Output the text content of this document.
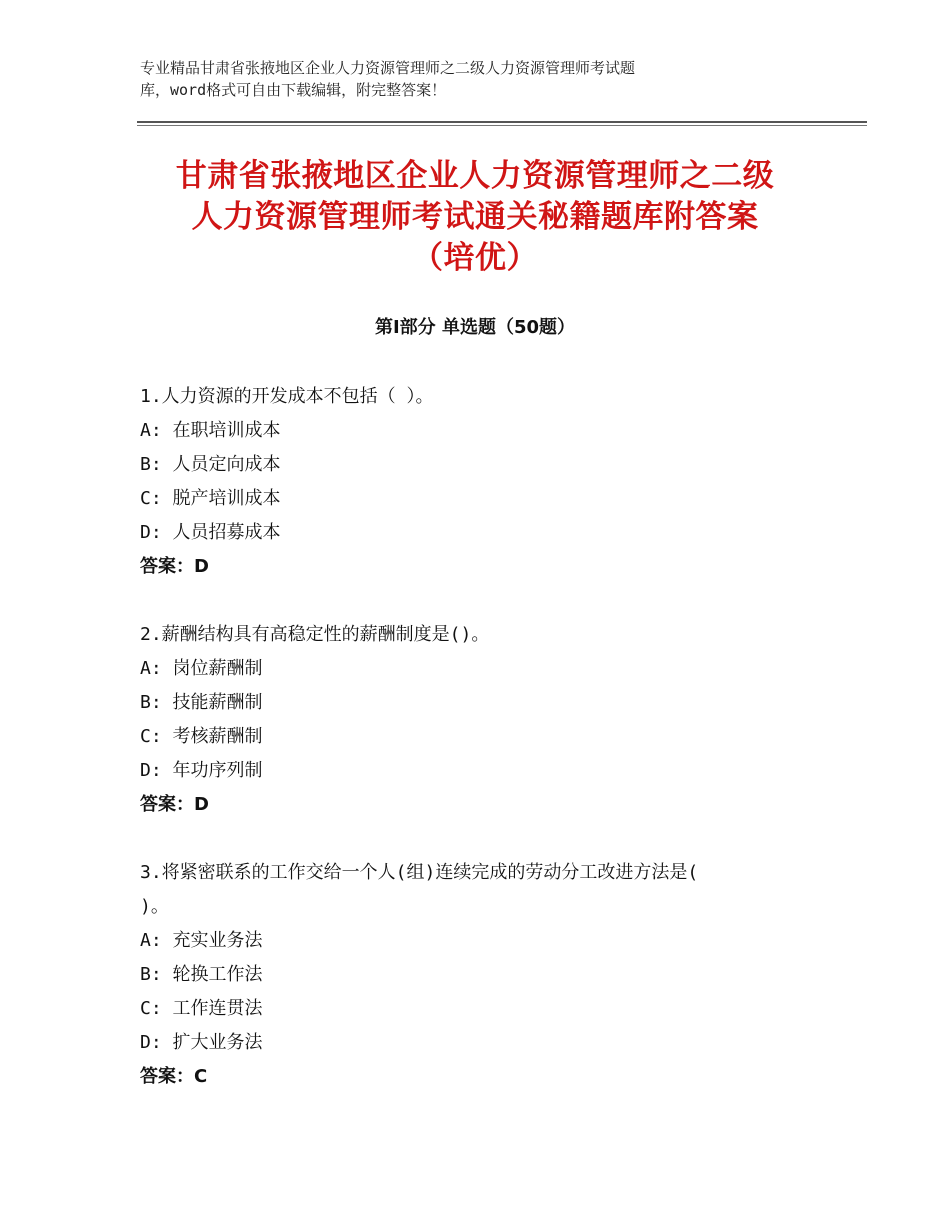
专业精品甘肃省张掖地区企业人力资源管理师之二级人力资源管理师考试题
库，word格式可自由下载编辑，附完整答案！
甘肃省张掖地区企业人力资源管理师之二级
人力资源管理师考试通关秘籍题库附答案
（培优）
第Ⅰ部分 单选题（50题）
1.人力资源的开发成本不包括（ ）。
A: 在职培训成本
B: 人员定向成本
C: 脱产培训成本
D: 人员招募成本
答案：D
2.薪酬结构具有高稳定性的薪酬制度是()。
A: 岗位薪酬制
B: 技能薪酬制
C: 考核薪酬制
D: 年功序列制
答案：D
3.将紧密联系的工作交给一个人(组)连续完成的劳动分工改进方法是(
)。
A: 充实业务法
B: 轮换工作法
C: 工作连贯法
D: 扩大业务法
答案：C
